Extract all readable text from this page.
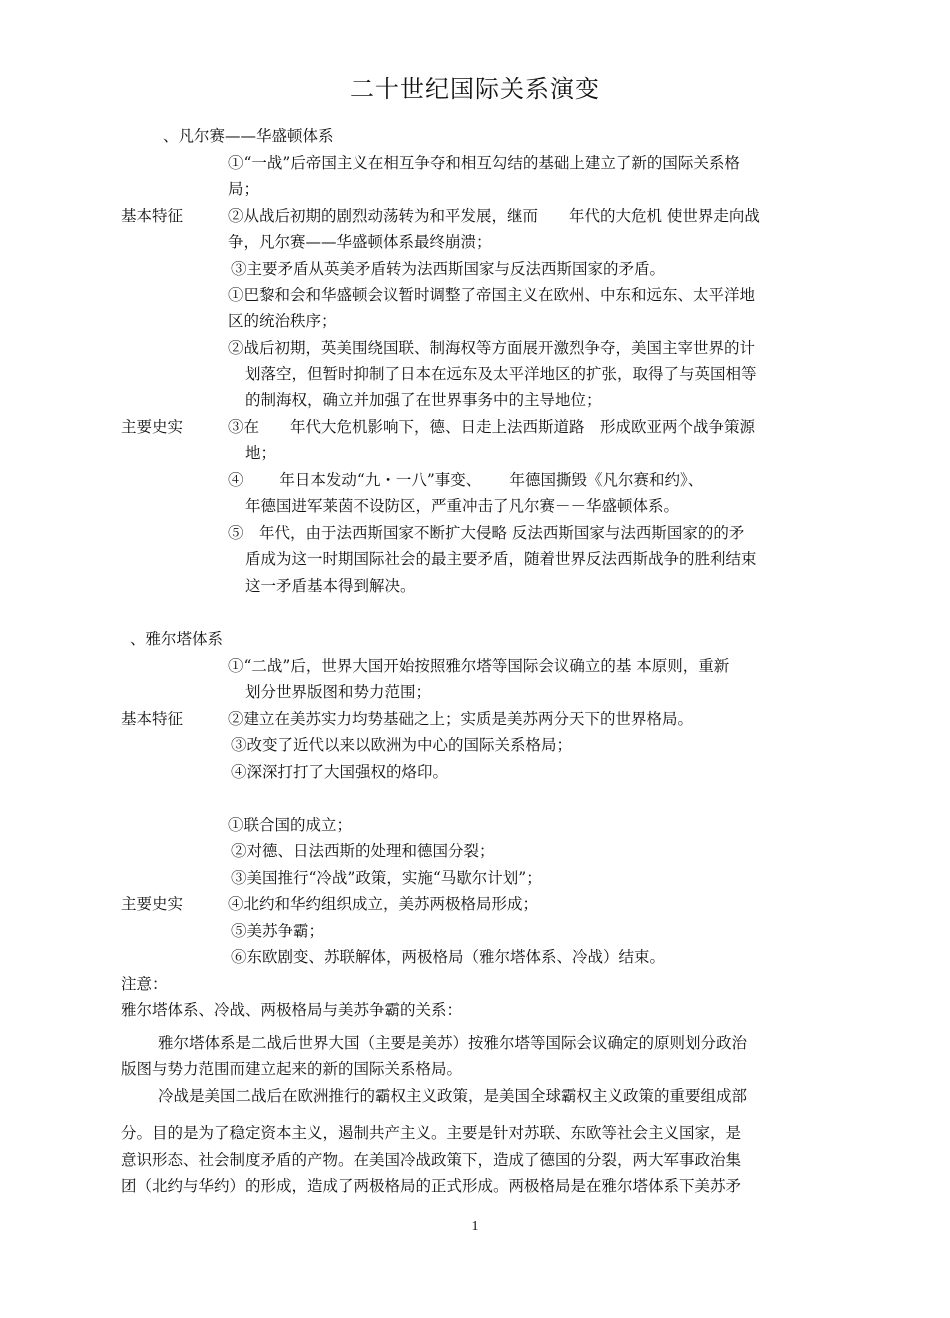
二十世纪国际关系演变
、凡尔赛——华盛顿体系
①“一战”后帝国主义在相互争夺和相互勾结的基础上建立了新的国际关系格
局；
基本特征	②从战后初期的剧烈动荡转为和平发展，继而　　年代的大危机 使世界走向战
争，凡尔赛——华盛顿体系最终崩溃；
③主要矛盾从英美矛盾转为法西斯国家与反法西斯国家的矛盾。
①巴黎和会和华盛顿会议暂时调整了帝国主义在欧州、中东和远东、太平洋地
区的统治秩序；
②战后初期，英美围绕国联、制海权等方面展开激烈争夺，美国主宰世界的计
划落空，但暂时抑制了日本在远东及太平洋地区的扩张，取得了与英国相等
的制海权，确立并加强了在世界事务中的主导地位；
主要史实	③在　　年代大危机影响下，德、日走上法西斯道路　形成欧亚两个战争策源
地；
④　　 年日本发动“九・一八”事变、　　 年德国撕毁《凡尔赛和约》、
年德国进军莱茵不设防区，严重冲击了凡尔赛－－华盛顿体系。
⑤　年代，由于法西斯国家不断扩大侵略 反法西斯国家与法西斯国家的的矛
盾成为这一时期国际社会的最主要矛盾，随着世界反法西斯战争的胜利结束
这一矛盾基本得到解决。
、雅尔塔体系
①“二战”后，世界大国开始按照雅尔塔等国际会议确立的基 本原则，重新
划分世界版图和势力范围；
基本特征	②建立在美苏实力均势基础之上；实质是美苏两分天下的世界格局。
③改变了近代以来以欧洲为中心的国际关系格局；
④深深打打了大国强权的烙印。
①联合国的成立；
②对德、日法西斯的处理和德国分裂；
③美国推行“冷战”政策，实施“马歇尔计划”；
主要史实	④北约和华约组织成立，美苏两极格局形成；
⑤美苏争霸；
⑥东欧剧变、苏联解体，两极格局（雅尔塔体系、冷战）结束。
注意：
雅尔塔体系、冷战、两极格局与美苏争霸的关系：
雅尔塔体系是二战后世界大国（主要是美苏）按雅尔塔等国际会议确定的原则划分政治
版图与势力范围而建立起来的新的国际关系格局。
冷战是美国二战后在欧洲推行的霸权主义政策，是美国全球霸权主义政策的重要组成部
分。目的是为了稳定资本主义，遏制共产主义。主要是针对苏联、东欧等社会主义国家，是
意识形态、社会制度矛盾的产物。在美国冷战政策下，造成了德国的分裂，两大军事政治集
团（北约与华约）的形成，造成了两极格局的正式形成。两极格局是在雅尔塔体系下美苏矛
1
